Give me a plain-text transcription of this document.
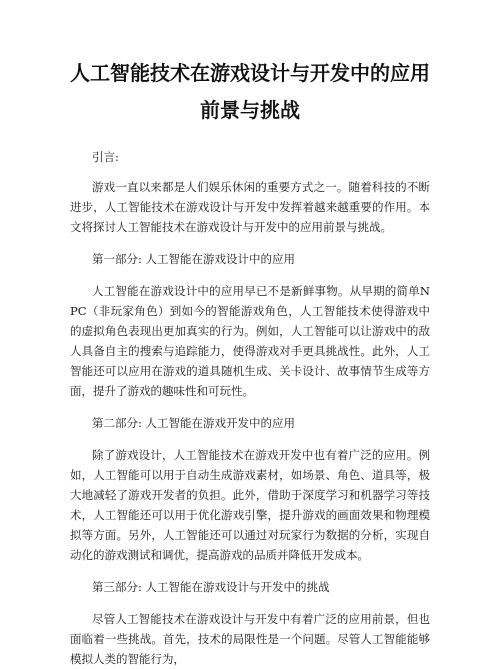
人工智能技术在游戏设计与开发中的应用前景与挑战

引言:

游戏一直以来都是人们娱乐休闲的重要方式之一。随着科技的不断进步，人工智能技术在游戏设计与开发中发挥着越来越重要的作用。本文将探讨人工智能技术在游戏设计与开发中的应用前景与挑战。

第一部分: 人工智能在游戏设计中的应用

人工智能在游戏设计中的应用早已不是新鲜事物。从早期的简单NPC（非玩家角色）到如今的智能游戏角色，人工智能技术使得游戏中的虚拟角色表现出更加真实的行为。例如，人工智能可以让游戏中的敌人具备自主的搜索与追踪能力，使得游戏对手更具挑战性。此外，人工智能还可以应用在游戏的道具随机生成、关卡设计、故事情节生成等方面，提升了游戏的趣味性和可玩性。

第二部分: 人工智能在游戏开发中的应用

除了游戏设计，人工智能技术在游戏开发中也有着广泛的应用。例如，人工智能可以用于自动生成游戏素材，如场景、角色、道具等，极大地减轻了游戏开发者的负担。此外，借助于深度学习和机器学习等技术，人工智能还可以用于优化游戏引擎，提升游戏的画面效果和物理模拟等方面。另外，人工智能还可以通过对玩家行为数据的分析，实现自动化的游戏测试和调优，提高游戏的品质并降低开发成本。

第三部分: 人工智能在游戏设计与开发中的挑战

尽管人工智能技术在游戏设计与开发中有着广泛的应用前景，但也面临着一些挑战。首先，技术的局限性是一个问题。尽管人工智能能够模拟人类的智能行为，
